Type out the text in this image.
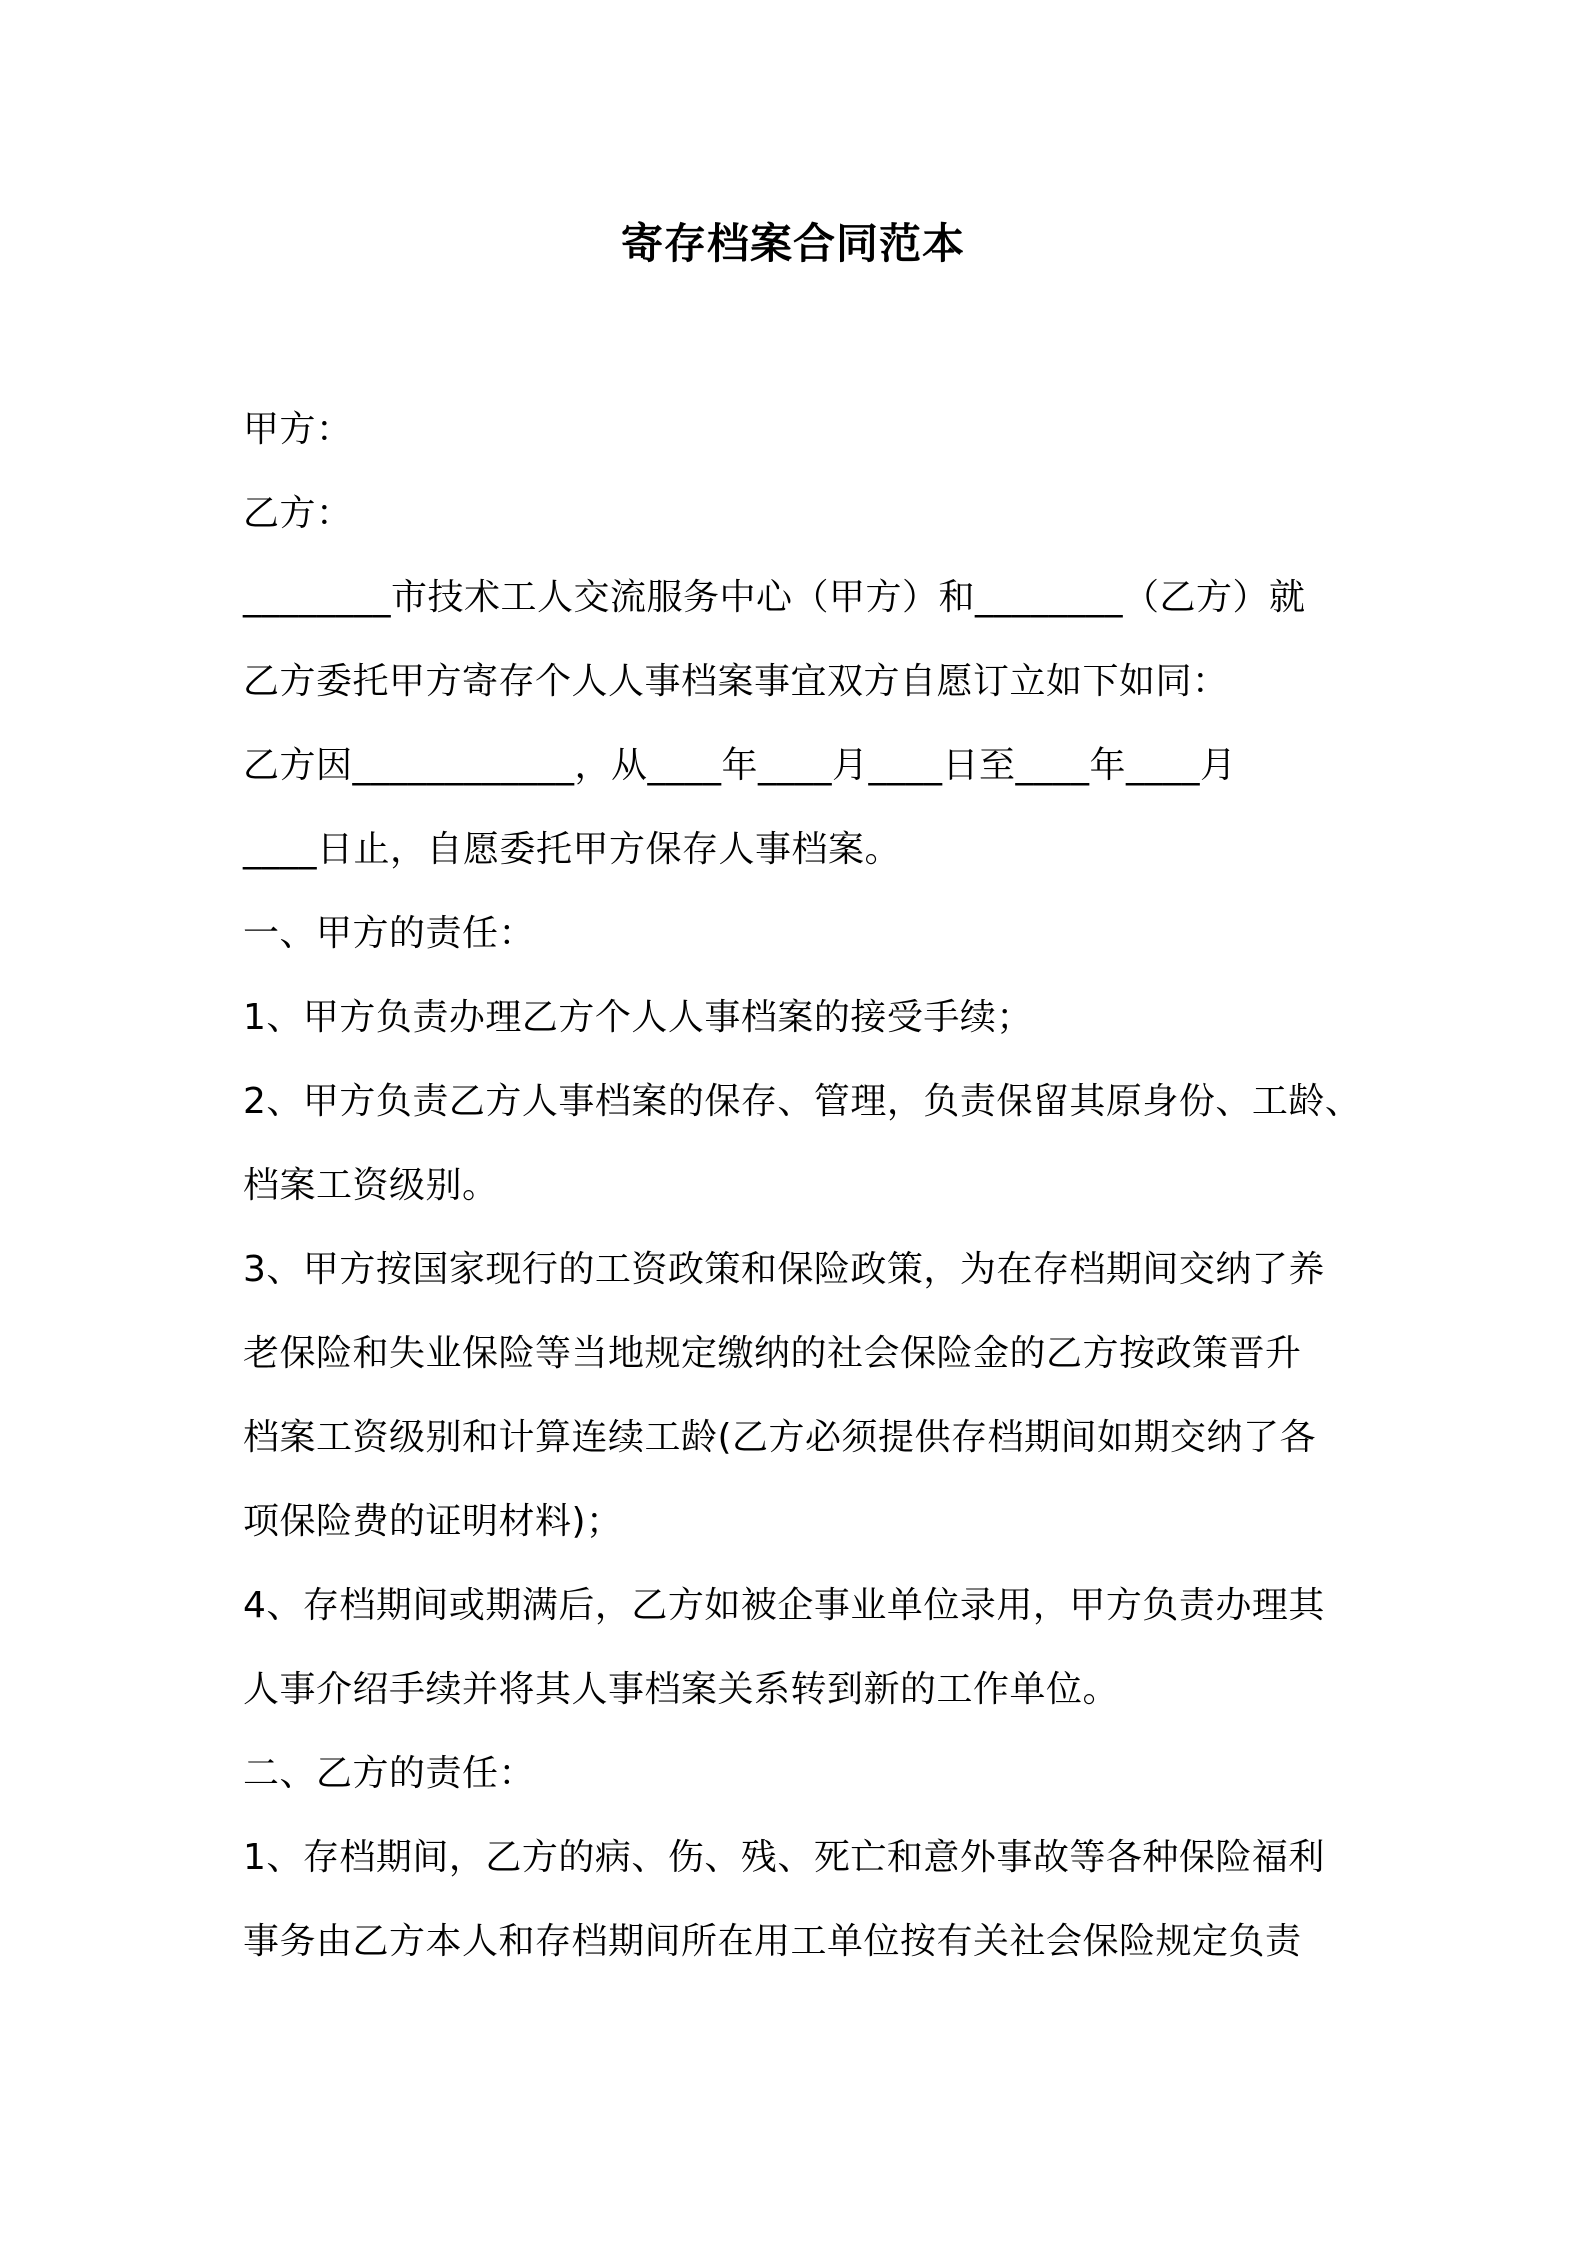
寄存档案合同范本
甲方：
乙方：
________市技术工人交流服务中心（甲方）和________（乙方）就
乙方委托甲方寄存个人人事档案事宜双方自愿订立如下如同：
乙方因____________，从____年____月____日至____年____月
____日止，自愿委托甲方保存人事档案。
一、甲方的责任：
1、甲方负责办理乙方个人人事档案的接受手续；
2、甲方负责乙方人事档案的保存、管理，负责保留其原身份、工龄、
档案工资级别。
3、甲方按国家现行的工资政策和保险政策，为在存档期间交纳了养
老保险和失业保险等当地规定缴纳的社会保险金的乙方按政策晋升
档案工资级别和计算连续工龄(乙方必须提供存档期间如期交纳了各
项保险费的证明材料)；
4、存档期间或期满后，乙方如被企事业单位录用，甲方负责办理其
人事介绍手续并将其人事档案关系转到新的工作单位。
二、乙方的责任：
1、存档期间，乙方的病、伤、残、死亡和意外事故等各种保险福利
事务由乙方本人和存档期间所在用工单位按有关社会保险规定负责
